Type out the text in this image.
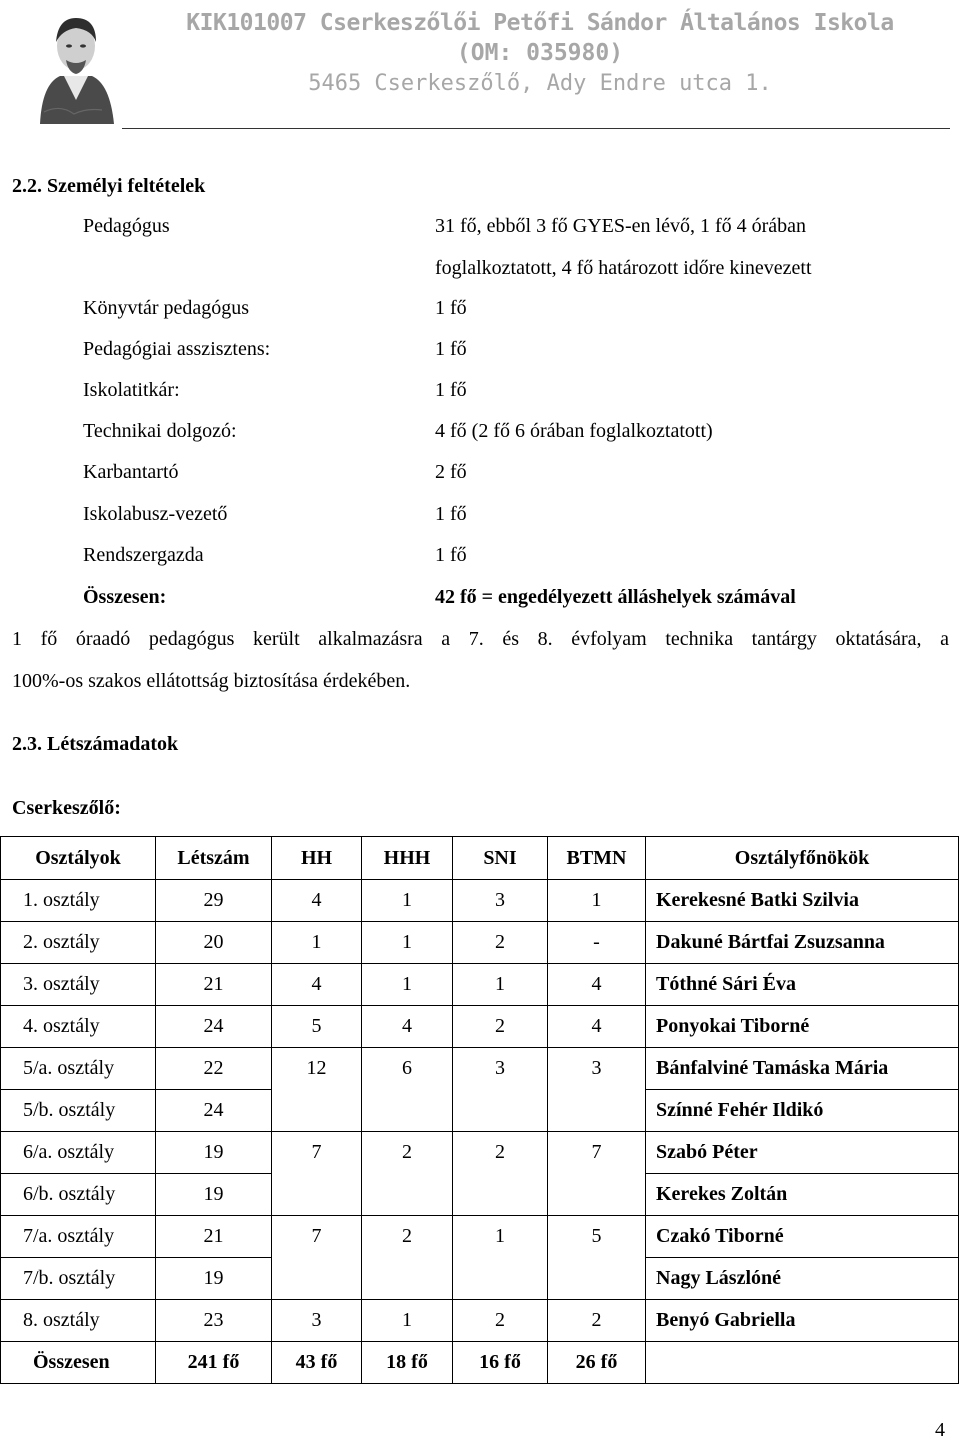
KIK101007 Cserkeszőlői Petőfi Sándor Általános Iskola
(OM: 035980)
5465 Cserkeszőlő, Ady Endre utca 1.
2.2. Személyi feltételek
Pedagógus	31 fő, ebből 3 fő GYES-en lévő, 1 fő 4 órában
foglalkoztatott, 4 fő határozott időre kinevezett
Könyvtár pedagógus	1 fő
Pedagógiai asszisztens:	1 fő
Iskolatitkár:	1 fő
Technikai dolgozó:	4 fő (2 fő 6 órában foglalkoztatott)
Karbantartó	2 fő
Iskolabusz-vezető	1 fő
Rendszergazda	1 fő
Összesen:	42 fő = engedélyezett álláshelyek számával
1 fő óraadó pedagógus került alkalmazásra a 7. és 8. évfolyam technika tantárgy oktatására, a
100%-os szakos ellátottság biztosítása érdekében.
2.3. Létszámadatok
Cserkeszőlő:
Osztályok	Létszám	HH	HHH	SNI	BTMN	Osztályfőnökök
1. osztály	29	4	1	3	1	Kerekesné Batki Szilvia
2. osztály	20	1	1	2	-	Dakuné Bártfai Zsuzsanna
3. osztály	21	4	1	1	4	Tóthné Sári Éva
4. osztály	24	5	4	2	4	Ponyokai Tiborné
5/a. osztály	22	12	6	3	3	Bánfalviné Tamáska Mária
5/b. osztály	24					Színné Fehér Ildikó
6/a. osztály	19	7	2	2	7	Szabó Péter
6/b. osztály	19					Kerekes Zoltán
7/a. osztály	21	7	2	1	5	Czakó Tiborné
7/b. osztály	19					Nagy Lászlóné
8. osztály	23	3	1	2	2	Benyó Gabriella
Összesen	241 fő	43 fő	18 fő	16 fő	26 fő	
4
